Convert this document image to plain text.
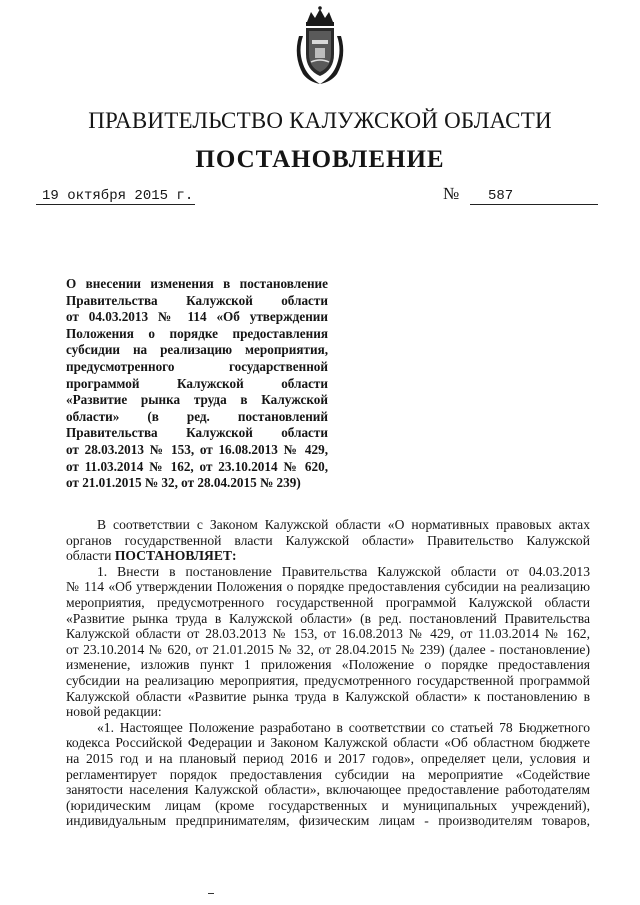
ПРАВИТЕЛЬСТВО КАЛУЖСКОЙ ОБЛАСТИ
ПОСТАНОВЛЕНИЕ
19 октября 2015 г.	№	587
О внесении изменения в постановление
Правительства Калужской области
от 04.03.2013 № 114 «Об утверждении
Положения о порядке предоставления
субсидии на реализацию мероприятия,
предусмотренного государственной
программой Калужской области
«Развитие рынка труда в Калужской
области» (в ред. постановлений
Правительства Калужской области
от 28.03.2013 № 153, от 16.08.2013 № 429,
от 11.03.2014 № 162, от 23.10.2014 № 620,
от 21.01.2015 № 32, от 28.04.2015 № 239)
В соответствии с Законом Калужской области «О нормативных правовых актах
органов государственной власти Калужской области» Правительство Калужской
области ПОСТАНОВЛЯЕТ:
1. Внести в постановление Правительства Калужской области от 04.03.2013
№ 114 «Об утверждении Положения о порядке предоставления субсидии на реализацию
мероприятия, предусмотренного государственной программой Калужской области
«Развитие рынка труда в Калужской области» (в ред. постановлений Правительства
Калужской области от 28.03.2013 № 153, от 16.08.2013 № 429, от 11.03.2014 № 162,
от 23.10.2014 № 620, от 21.01.2015 № 32, от 28.04.2015 № 239) (далее - постановление)
изменение, изложив пункт 1 приложения «Положение о порядке предоставления
субсидии на реализацию мероприятия, предусмотренного государственной программой
Калужской области «Развитие рынка труда в Калужской области» к постановлению в
новой редакции:
«1. Настоящее Положение разработано в соответствии со статьей 78 Бюджетного
кодекса Российской Федерации и Законом Калужской области «Об областном бюджете
на 2015 год и на плановый период 2016 и 2017 годов», определяет цели, условия и
регламентирует порядок предоставления субсидии на мероприятие «Содействие
занятости населения Калужской области», включающее предоставление работодателям
(юридическим лицам (кроме государственных и муниципальных учреждений),
индивидуальным предпринимателям, физическим лицам - производителям товаров,
